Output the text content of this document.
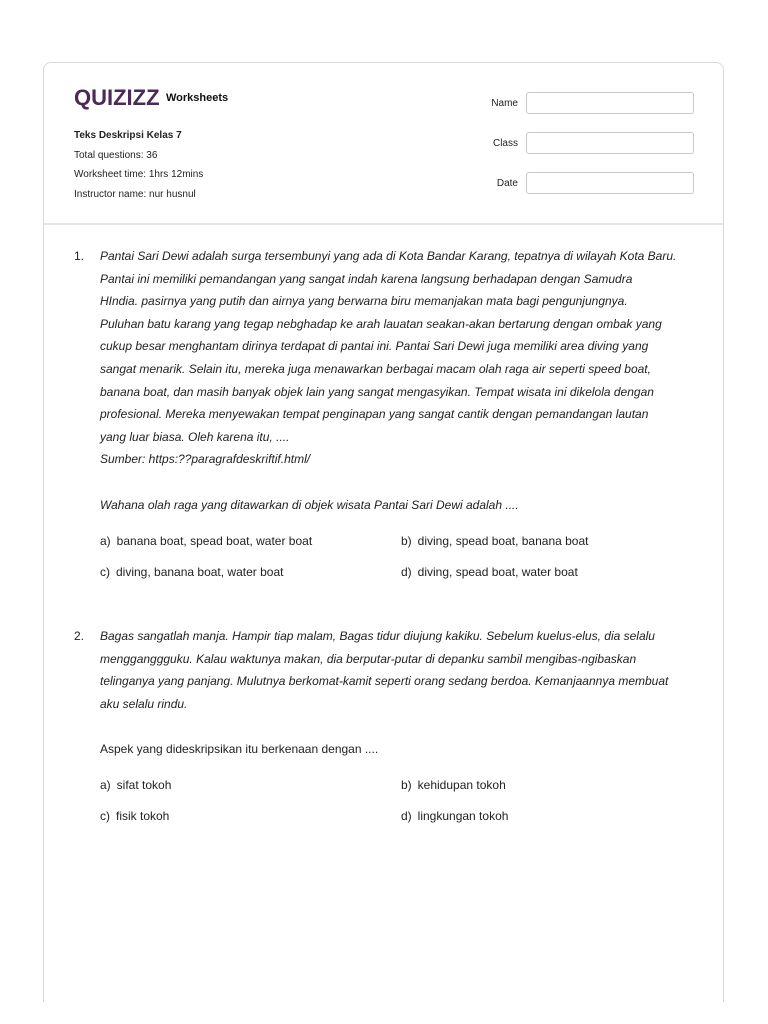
QUIZIZZ Worksheets
Teks Deskripsi Kelas 7
Total questions: 36
Worksheet time: 1hrs 12mins
Instructor name: nur husnul
Name
Class
Date
1. Pantai Sari Dewi adalah surga tersembunyi yang ada di Kota Bandar Karang, tepatnya di wilayah Kota Baru.
Pantai ini memiliki pemandangan yang sangat indah karena langsung berhadapan dengan Samudra
HIndia. pasirnya yang putih dan airnya yang berwarna biru memanjakan mata bagi pengunjungnya.
Puluhan batu karang yang tegap nebghadap ke arah lauatan seakan-akan bertarung dengan ombak yang
cukup besar menghantam dirinya terdapat di pantai ini. Pantai Sari Dewi juga memiliki area diving yang
sangat menarik. Selain itu, mereka juga menawarkan berbagai macam olah raga air seperti speed boat,
banana boat, dan masih banyak objek lain yang sangat mengasyikan. Tempat wisata ini dikelola dengan
profesional. Mereka menyewakan tempat penginapan yang sangat cantik dengan pemandangan lautan
yang luar biasa. Oleh karena itu, ....
Sumber: https:??paragrafdeskriftif.html/

Wahana olah raga yang ditawarkan di objek wisata Pantai Sari Dewi adalah ....

a) banana boat, spead boat, water boat	b) diving, spead boat, banana boat
c) diving, banana boat, water boat	d) diving, spead boat, water boat
2. Bagas sangatlah manja. Hampir tiap malam, Bagas tidur diujung kakiku. Sebelum kuelus-elus, dia selalu
mengganggguku. Kalau waktunya makan, dia berputar-putar di depanku sambil mengibas-ngibaskan
telinganya yang panjang. Mulutnya berkomat-kamit seperti orang sedang berdoa. Kemanjaannya membuat
aku selalu rindu.

Aspek yang dideskripsikan itu berkenaan dengan ....

a) sifat tokoh	b) kehidupan tokoh
c) fisik tokoh	d) lingkungan tokoh
